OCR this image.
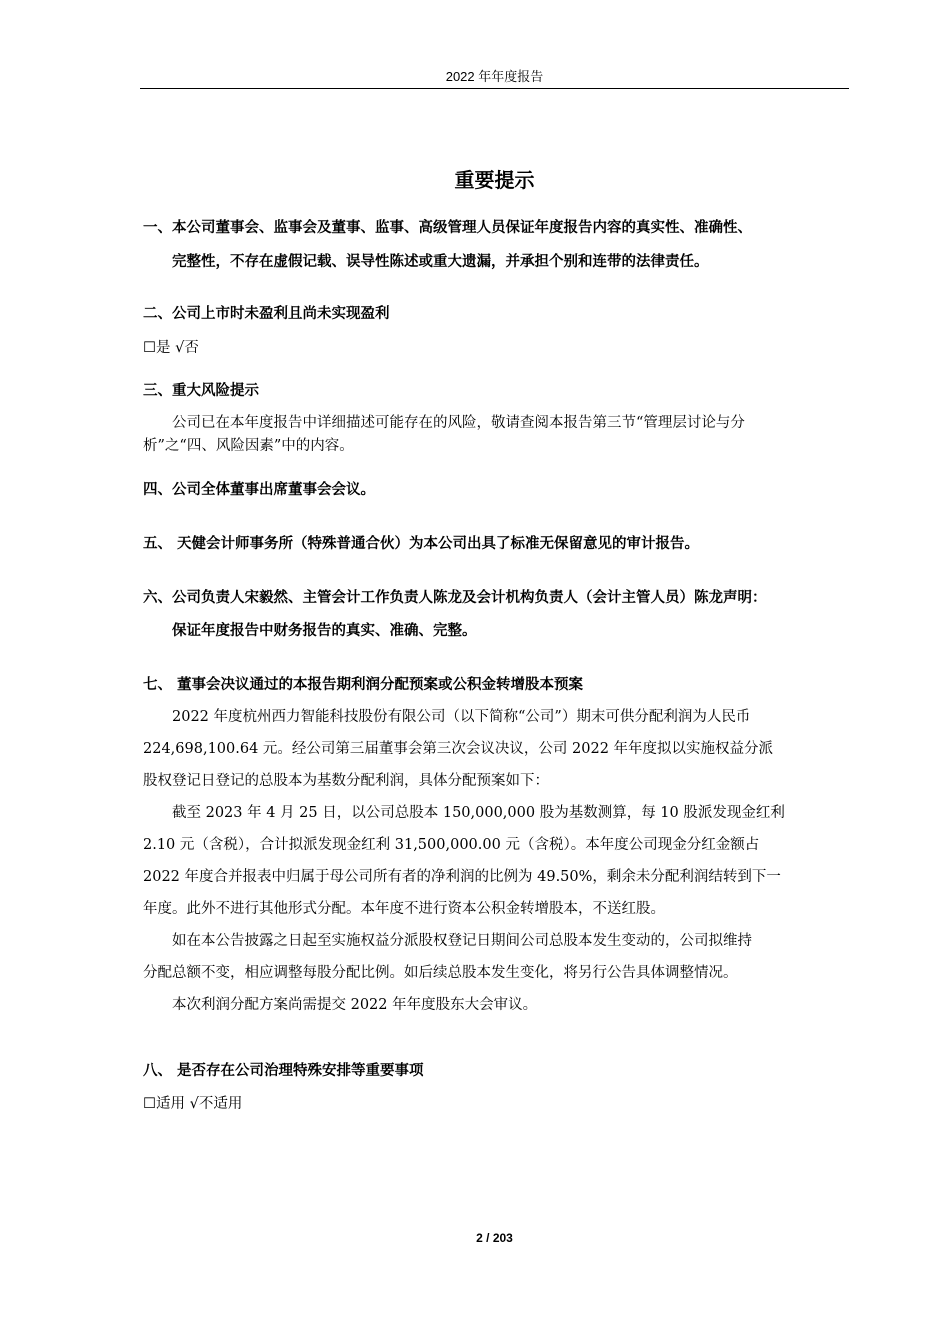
2022 年年度报告
重要提示
一、本公司董事会、监事会及董事、监事、高级管理人员保证年度报告内容的真实性、准确性、
完整性，不存在虚假记载、误导性陈述或重大遗漏，并承担个别和连带的法律责任。
二、公司上市时未盈利且尚未实现盈利
☐是 √否
三、重大风险提示
公司已在本年度报告中详细描述可能存在的风险，敬请查阅本报告第三节“管理层讨论与分
析”之“四、风险因素”中的内容。
四、公司全体董事出席董事会会议。
五、 天健会计师事务所（特殊普通合伙）为本公司出具了标准无保留意见的审计报告。
六、公司负责人宋毅然、主管会计工作负责人陈龙及会计机构负责人（会计主管人员）陈龙声明：
保证年度报告中财务报告的真实、准确、完整。
七、 董事会决议通过的本报告期利润分配预案或公积金转增股本预案
2022 年度杭州西力智能科技股份有限公司（以下简称“公司”）期末可供分配利润为人民币
224,698,100.64 元。经公司第三届董事会第三次会议决议，公司 2022 年年度拟以实施权益分派
股权登记日登记的总股本为基数分配利润，具体分配预案如下：
截至 2023 年 4 月 25 日，以公司总股本 150,000,000 股为基数测算，每 10 股派发现金红利
2.10 元（含税），合计拟派发现金红利 31,500,000.00 元（含税）。本年度公司现金分红金额占
2022 年度合并报表中归属于母公司所有者的净利润的比例为 49.50%，剩余未分配利润结转到下一
年度。此外不进行其他形式分配。本年度不进行资本公积金转增股本，不送红股。
如在本公告披露之日起至实施权益分派股权登记日期间公司总股本发生变动的，公司拟维持
分配总额不变，相应调整每股分配比例。如后续总股本发生变化，将另行公告具体调整情况。
本次利润分配方案尚需提交 2022 年年度股东大会审议。
八、 是否存在公司治理特殊安排等重要事项
☐适用 √不适用
2 / 203
